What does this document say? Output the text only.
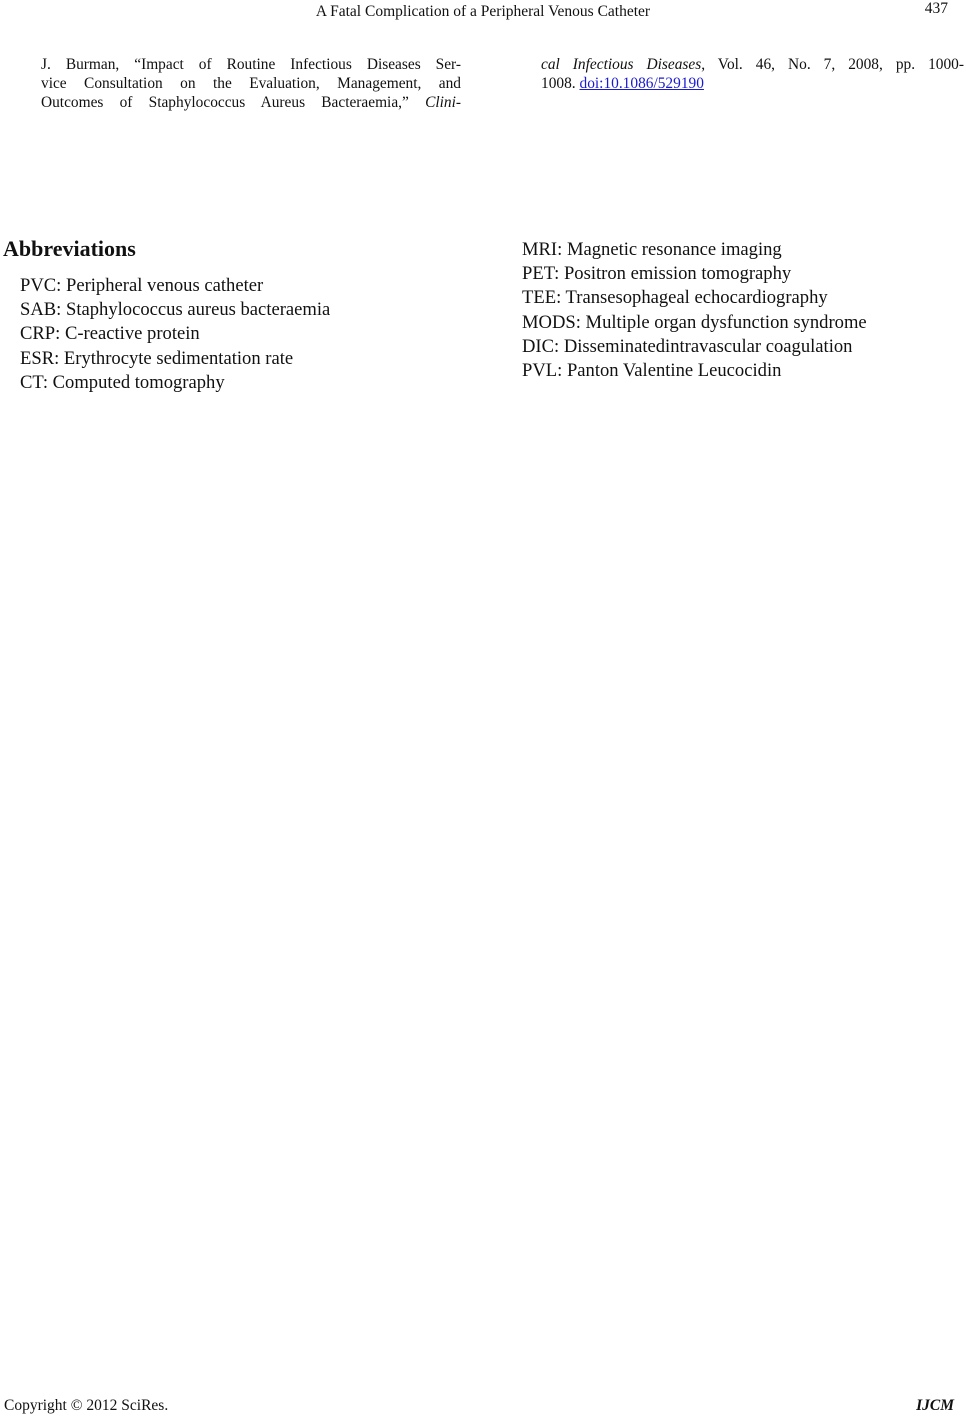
A Fatal Complication of a Peripheral Venous Catheter	437
J. Burman, “Impact of Routine Infectious Diseases Ser-
vice Consultation on the Evaluation, Management, and
Outcomes of Staphylococcus Aureus Bacteraemia,” Clini-
cal Infectious Diseases, Vol. 46, No. 7, 2008, pp. 1000-
1008. doi:10.1086/529190
Abbreviations
PVC: Peripheral venous catheter
SAB: Staphylococcus aureus bacteraemia
CRP: C-reactive protein
ESR: Erythrocyte sedimentation rate
CT: Computed tomography
MRI: Magnetic resonance imaging
PET: Positron emission tomography
TEE: Transesophageal echocardiography
MODS: Multiple organ dysfunction syndrome
DIC: Disseminatedintravascular coagulation
PVL: Panton Valentine Leucocidin
Copyright © 2012 SciRes.	IJCM
